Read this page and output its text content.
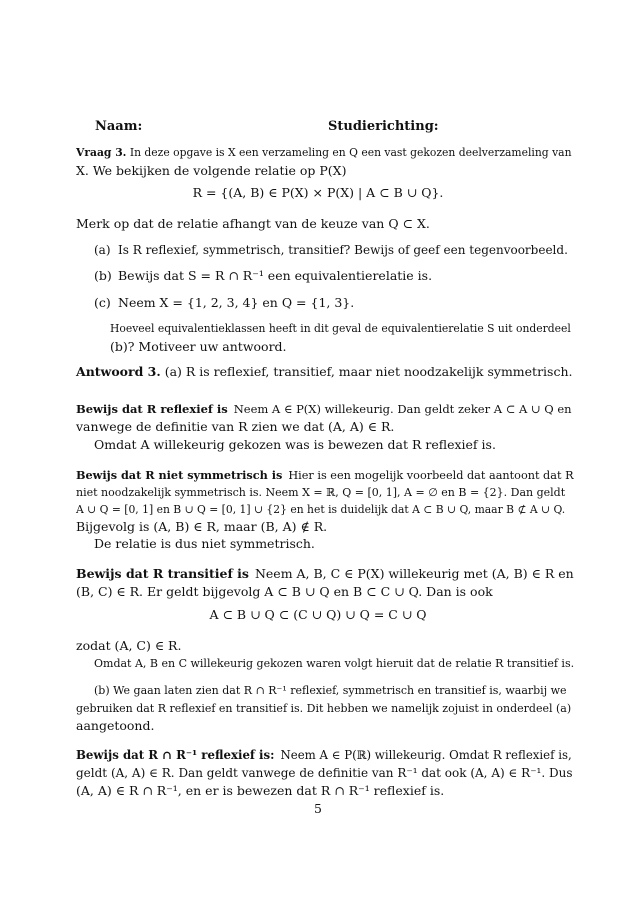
Naam:	Studierichting:
Vraag 3. In deze opgave is X een verzameling en Q een vast gekozen deelverzameling van
X. We bekijken de volgende relatie op P(X)
R = {(A, B) ∈ P(X) × P(X) | A ⊂ B ∪ Q}.
Merk op dat de relatie afhangt van de keuze van Q ⊂ X.
(a) Is R reflexief, symmetrisch, transitief? Bewijs of geef een tegenvoorbeeld.
(b) Bewijs dat S = R ∩ R⁻¹ een equivalentierelatie is.
(c) Neem X = {1, 2, 3, 4} en Q = {1, 3}.
Hoeveel equivalentieklassen heeft in dit geval de equivalentierelatie S uit onderdeel
(b)? Motiveer uw antwoord.
Antwoord 3. (a) R is reflexief, transitief, maar niet noodzakelijk symmetrisch.
Bewijs dat R reflexief is Neem A ∈ P(X) willekeurig. Dan geldt zeker A ⊂ A ∪ Q en
vanwege de definitie van R zien we dat (A, A) ∈ R.
Omdat A willekeurig gekozen was is bewezen dat R reflexief is.
Bewijs dat R niet symmetrisch is Hier is een mogelijk voorbeeld dat aantoont dat R
niet noodzakelijk symmetrisch is. Neem X = ℝ, Q = [0, 1], A = ∅ en B = {2}. Dan geldt
A ∪ Q = [0, 1] en B ∪ Q = [0, 1] ∪ {2} en het is duidelijk dat A ⊂ B ∪ Q, maar B ⊄ A ∪ Q.
Bijgevolg is (A, B) ∈ R, maar (B, A) ∉ R.
De relatie is dus niet symmetrisch.
Bewijs dat R transitief is Neem A, B, C ∈ P(X) willekeurig met (A, B) ∈ R en
(B, C) ∈ R. Er geldt bijgevolg A ⊂ B ∪ Q en B ⊂ C ∪ Q. Dan is ook
A ⊂ B ∪ Q ⊂ (C ∪ Q) ∪ Q = C ∪ Q
zodat (A, C) ∈ R.
Omdat A, B en C willekeurig gekozen waren volgt hieruit dat de relatie R transitief is.
(b) We gaan laten zien dat R ∩ R⁻¹ reflexief, symmetrisch en transitief is, waarbij we
gebruiken dat R reflexief en transitief is. Dit hebben we namelijk zojuist in onderdeel (a)
aangetoond.
Bewijs dat R ∩ R⁻¹ reflexief is: Neem A ∈ P(ℝ) willekeurig. Omdat R reflexief is,
geldt (A, A) ∈ R. Dan geldt vanwege de definitie van R⁻¹ dat ook (A, A) ∈ R⁻¹. Dus
(A, A) ∈ R ∩ R⁻¹, en er is bewezen dat R ∩ R⁻¹ reflexief is.
5
